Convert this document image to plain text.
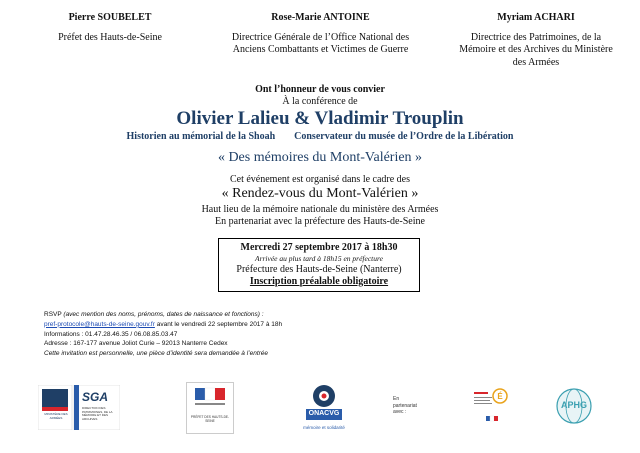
Pierre SOUBELET
Préfet des Hauts-de-Seine
Rose-Marie ANTOINE
Directrice Générale de l’Office National des Anciens Combattants et Victimes de Guerre
Myriam ACHARI
Directrice des Patrimoines, de la Mémoire et des Archives du Ministère des Armées
Ont l’honneur de vous convier
À la conférence de
Olivier Lalieu & Vladimir Trouplin
Historien au mémorial de la Shoah Conservateur du musée de l’Ordre de la Libération
« Des mémoires du Mont-Valérien »
Cet événement est organisé dans le cadre des
« Rendez-vous du Mont-Valérien »
Haut lieu de la mémoire nationale du ministère des Armées
En partenariat avec la préfecture des Hauts-de-Seine
Mercredi 27 septembre 2017 à 18h30
Arrivée au plus tard à 18h15 en préfecture
Préfecture des Hauts-de-Seine (Nanterre)
Inscription préalable obligatoire
RSVP (avec mention des noms, prénoms, dates de naissance et fonctions) :
pref-protocole@hauts-de-seine.gouv.fr avant le vendredi 22 septembre 2017 à 18h
Informations : 01.47.28.46.35 / 06.08.85.03.47
Adresse : 167-177 avenue Joliot Curie – 92013 Nanterre Cedex
Cette invitation est personnelle, une pièce d’identité sera demandée à l’entrée
MINISTÈRE DES ARMÉES
SGA
DIRECTION DES PATRIMOINES, DE LA MÉMOIRE ET DES ARCHIVES	PRÉFET DES HAUTS-DE-SEINE
ONACVG
mémoire et solidarité
En partenariat avec :
É
APHG
